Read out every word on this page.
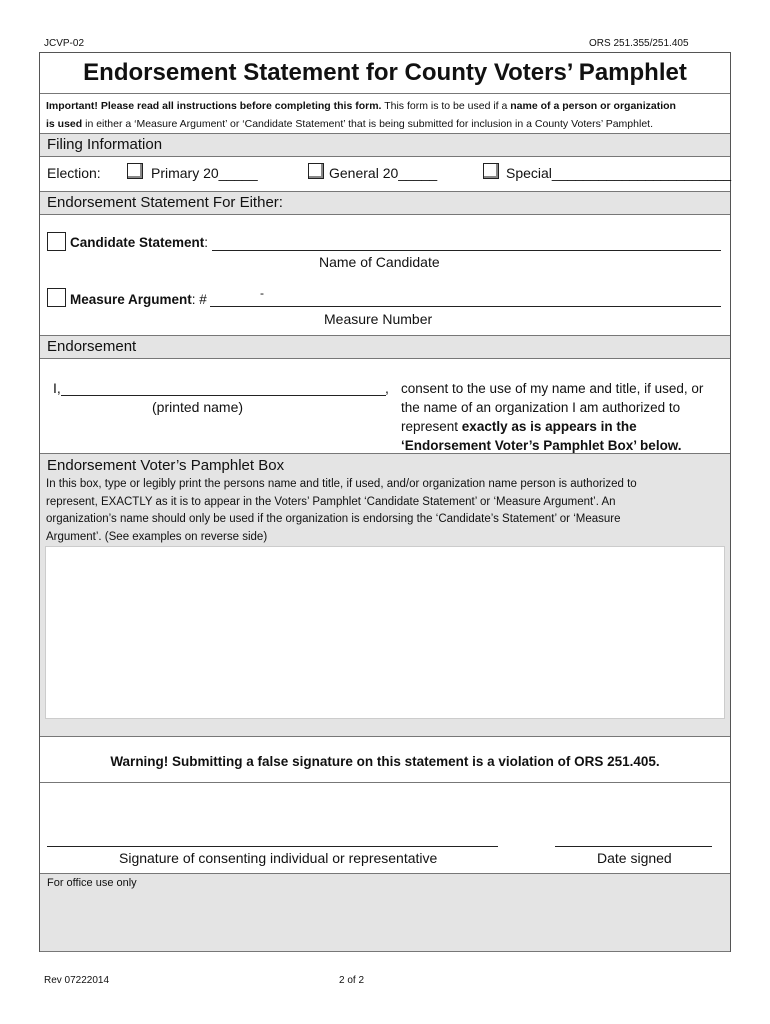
JCVP-02	ORS 251.355/251.405
Endorsement Statement for County Voters’ Pamphlet
Important! Please read all instructions before completing this form. This form is to be used if a name of a person or organization
is used in either a ‘Measure Argument’ or ‘Candidate Statement’ that is being submitted for inclusion in a County Voters’ Pamphlet.
Filing Information
Election:	Primary 20_____	General 20_____	Special_______________________
Endorsement Statement For Either:
Candidate Statement:
Name of Candidate
Measure Argument: #	-
Measure Number
Endorsement
I,	,
(printed name)
consent to the use of my name and title, if used, or
the name of an organization I am authorized to
represent exactly as is appears in the
‘Endorsement Voter’s Pamphlet Box’ below.
Endorsement Voter’s Pamphlet Box
In this box, type or legibly print the persons name and title, if used, and/or organization name person is authorized to
represent, EXACTLY as it is to appear in the Voters’ Pamphlet ‘Candidate Statement’ or ‘Measure Argument’. An
organization’s name should only be used if the organization is endorsing the ‘Candidate’s Statement’ or ‘Measure
Argument’. (See examples on reverse side)
Warning! Submitting a false signature on this statement is a violation of ORS 251.405.
Signature of consenting individual or representative	Date signed
For office use only
Rev 07222014	2 of 2
